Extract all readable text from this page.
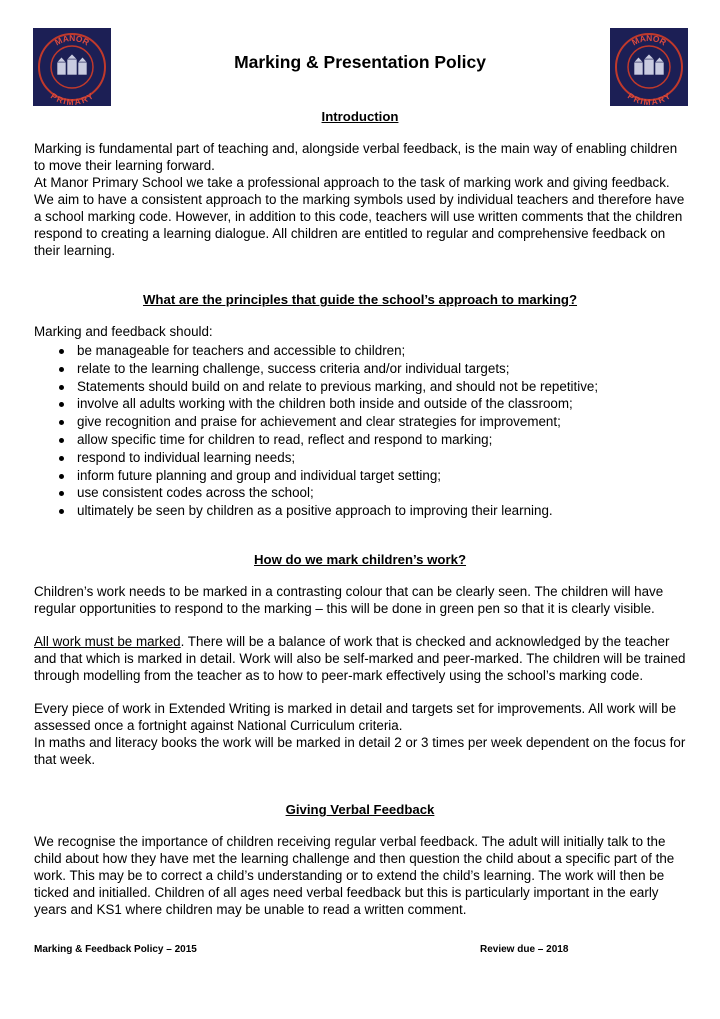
MANOR
PRIMARY
Marking & Presentation Policy
MANOR
PRIMARY
Introduction

Marking is fundamental part of teaching and, alongside verbal feedback, is the main way of enabling children to move their learning forward.

At Manor Primary School we take a professional approach to the task of marking work and giving feedback. We aim to have a consistent approach to the marking symbols used by individual teachers and therefore have a school marking code. However, in addition to this code, teachers will use written comments that the children respond to creating a learning dialogue. All children are entitled to regular and comprehensive feedback on their learning.

What are the principles that guide the school’s approach to marking?

Marking and feedback should:

be manageable for teachers and accessible to children;
relate to the learning challenge, success criteria and/or individual targets;
Statements should build on and relate to previous marking, and should not be repetitive;
involve all adults working with the children both inside and outside of the classroom;
give recognition and praise for achievement and clear strategies for improvement;
allow specific time for children to read, reflect and respond to marking;
respond to individual learning needs;
inform future planning and group and individual target setting;
use consistent codes across the school;
ultimately be seen by children as a positive approach to improving their learning.
How do we mark children’s work?

Children’s work needs to be marked in a contrasting colour that can be clearly seen. The children will have regular opportunities to respond to the marking – this will be done in green pen so that it is clearly visible.

All work must be marked. There will be a balance of work that is checked and acknowledged by the teacher and that which is marked in detail. Work will also be self-marked and peer-marked. The children will be trained through modelling from the teacher as to how to peer-mark effectively using the school’s marking code.

Every piece of work in Extended Writing is marked in detail and targets set for improvements. All work will be assessed once a fortnight against National Curriculum criteria.

In maths and literacy books the work will be marked in detail 2 or 3 times per week dependent on the focus for that week.

Giving Verbal Feedback

We recognise the importance of children receiving regular verbal feedback. The adult will initially talk to the child about how they have met the learning challenge and then question the child about a specific part of the work. This may be to correct a child’s understanding or to extend the child’s learning. The work will then be ticked and initialled. Children of all ages need verbal feedback but this is particularly important in the early years and KS1 where children may be unable to read a written comment.

Marking & Feedback Policy – 2015	Review due – 2018
